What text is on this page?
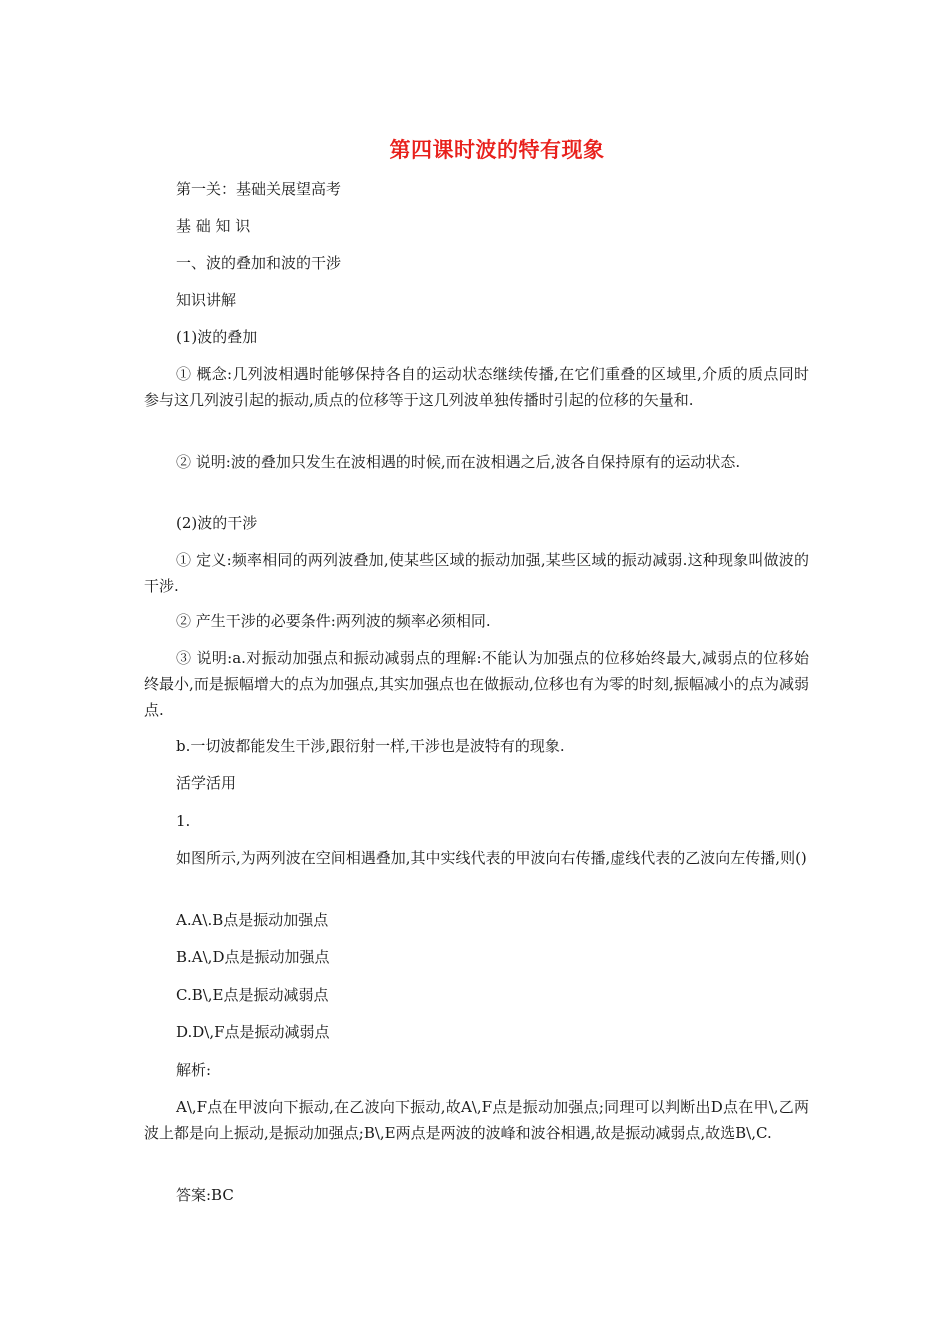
第四课时波的特有现象
第一关：基础关展望高考
基 础 知 识
一、波的叠加和波的干涉
知识讲解
(1)波的叠加
① 概念:几列波相遇时能够保持各自的运动状态继续传播,在它们重叠的区域里,介质的质点同时参与这几列波引起的振动,质点的位移等于这几列波单独传播时引起的位移的矢量和.
② 说明:波的叠加只发生在波相遇的时候,而在波相遇之后,波各自保持原有的运动状态.
(2)波的干涉
① 定义:频率相同的两列波叠加,使某些区域的振动加强,某些区域的振动减弱.这种现象叫做波的干涉.
② 产生干涉的必要条件:两列波的频率必须相同.
③ 说明:a.对振动加强点和振动减弱点的理解:不能认为加强点的位移始终最大,减弱点的位移始终最小,而是振幅增大的点为加强点,其实加强点也在做振动,位移也有为零的时刻,振幅减小的点为减弱点.
b.一切波都能发生干涉,跟衍射一样,干涉也是波特有的现象.
活学活用
1.
如图所示,为两列波在空间相遇叠加,其中实线代表的甲波向右传播,虚线代表的乙波向左传播,则()
A.A\.B点是振动加强点
B.A\,D点是振动加强点
C.B\,E点是振动减弱点
D.D\,F点是振动减弱点
解析:
A\,F点在甲波向下振动,在乙波向下振动,故A\,F点是振动加强点;同理可以判断出D点在甲\,乙两波上都是向上振动,是振动加强点;B\,E两点是两波的波峰和波谷相遇,故是振动减弱点,故选B\,C.
答案:BC
